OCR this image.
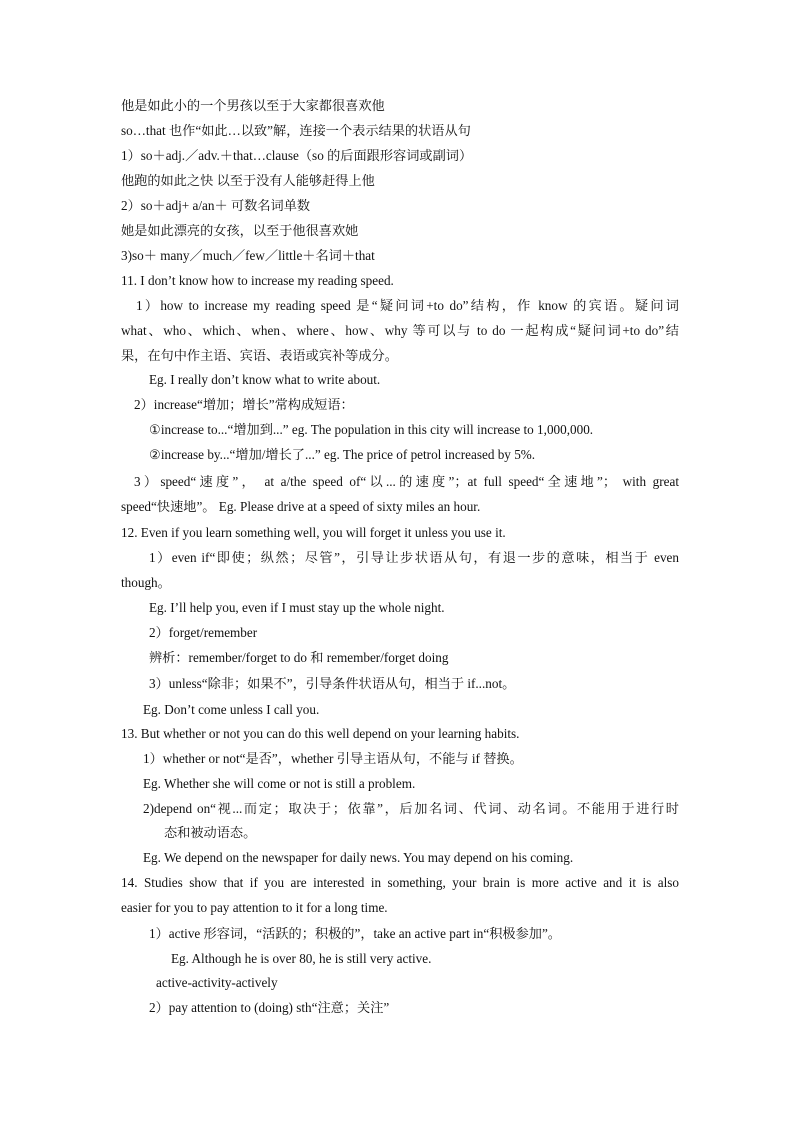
他是如此小的一个男孩以至于大家都很喜欢他
so…that 也作“如此…以致”解，连接一个表示结果的状语从句
1）so＋adj.／adv.＋that…clause（so 的后面跟形容词或副词）
他跑的如此之快 以至于没有人能够赶得上他
2）so＋adj+ a/an＋ 可数名词单数
她是如此漂亮的女孩，以至于他很喜欢她
3)so＋ many／much／few／little＋名词＋that
11. I don’t know how to increase my reading speed.
1）how to increase my reading speed 是“疑问词+to do”结构，作 know 的宾语。疑问词
what、who、which、when、where、how、why 等可以与 to do 一起构成“疑问词+to do”结
果，在句中作主语、宾语、表语或宾补等成分。
Eg. I really don’t know what to write about.
2）increase“增加；增长”常构成短语：
①increase to...“增加到...” eg. The population in this city will increase to 1,000,000.
②increase by...“增加/增长了...” eg. The price of petrol increased by 5%.
3）speed“速度”， at a/the speed of“以...的速度”；at full speed“全速地”； with great
speed“快速地”。 Eg. Please drive at a speed of sixty miles an hour.
12. Even if you learn something well, you will forget it unless you use it.
1）even if“即使；纵然；尽管”，引导让步状语从句，有退一步的意味，相当于 even
though。
Eg. I’ll help you, even if I must stay up the whole night.
2）forget/remember
辨析：remember/forget to do 和 remember/forget doing
3）unless“除非；如果不”，引导条件状语从句，相当于 if...not。
Eg. Don’t come unless I call you.
13. But whether or not you can do this well depend on your learning habits.
1）whether or not“是否”，whether 引导主语从句，不能与 if 替换。
Eg. Whether she will come or not is still a problem.
2)depend on“视...而定；取决于；依靠”，后加名词、代词、动名词。不能用于进行时
态和被动语态。
Eg. We depend on the newspaper for daily news. You may depend on his coming.
14. Studies show that if you are interested in something, your brain is more active and it is also
easier for you to pay attention to it for a long time.
1）active 形容词，“活跃的；积极的”，take an active part in“积极参加”。
Eg. Although he is over 80, he is still very active.
active-activity-actively
2）pay attention to (doing) sth“注意；关注”
